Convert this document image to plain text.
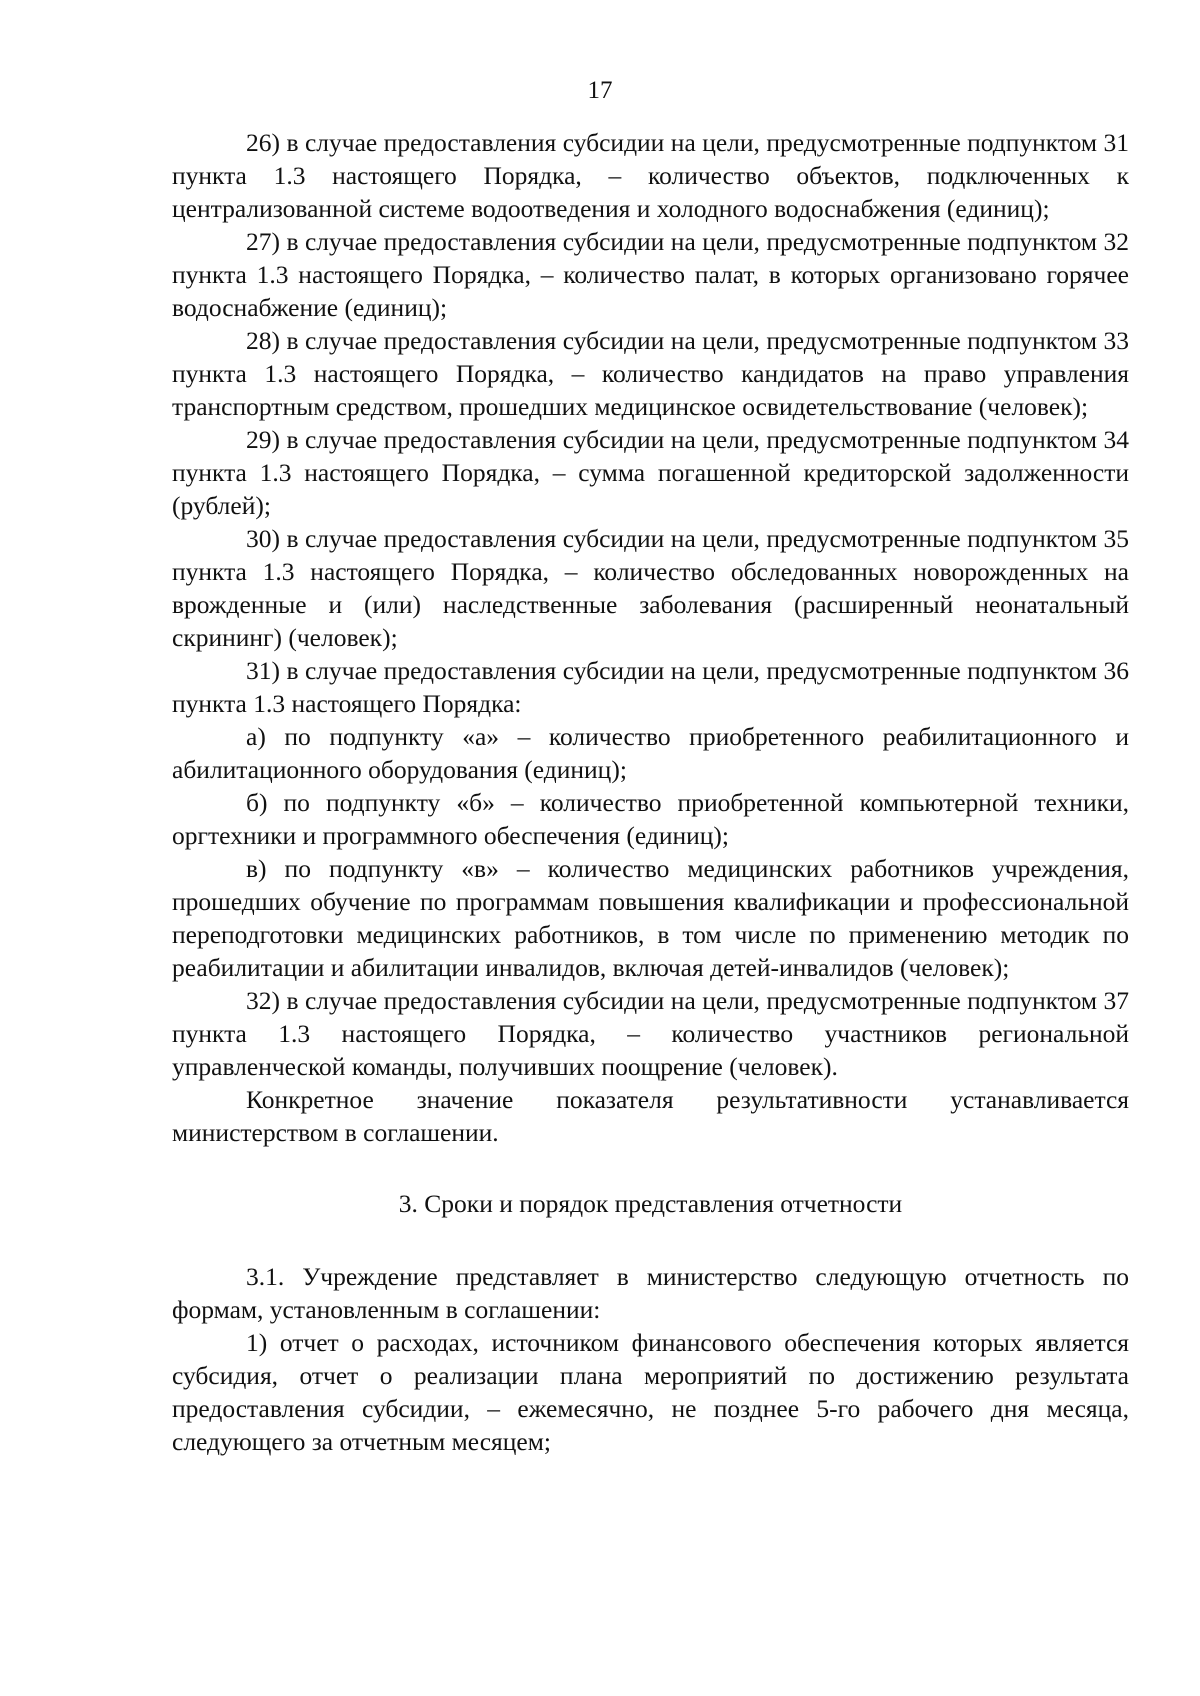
17

26) в случае предоставления субсидии на цели, предусмотренные подпунктом 31 пункта 1.3 настоящего Порядка, – количество объектов, подключенных к централизованной системе водоотведения и холодного водоснабжения (единиц);

27) в случае предоставления субсидии на цели, предусмотренные подпунктом 32 пункта 1.3 настоящего Порядка, – количество палат, в которых организовано горячее водоснабжение (единиц);

28) в случае предоставления субсидии на цели, предусмотренные подпунктом 33 пункта 1.3 настоящего Порядка, – количество кандидатов на право управления транспортным средством, прошедших медицинское освидетельствование (человек);

29) в случае предоставления субсидии на цели, предусмотренные подпунктом 34 пункта 1.3 настоящего Порядка, – сумма погашенной кредиторской задолженности (рублей);

30) в случае предоставления субсидии на цели, предусмотренные подпунктом 35 пункта 1.3 настоящего Порядка, – количество обследованных новорожденных на врожденные и (или) наследственные заболевания (расширенный неонатальный скрининг) (человек);

31) в случае предоставления субсидии на цели, предусмотренные подпунктом 36 пункта 1.3 настоящего Порядка:

а) по подпункту «а» – количество приобретенного реабилитационного и абилитационного оборудования (единиц);

б) по подпункту «б» – количество приобретенной компьютерной техники, оргтехники и программного обеспечения (единиц);

в) по подпункту «в» – количество медицинских работников учреждения, прошедших обучение по программам повышения квалификации и профессиональной переподготовки медицинских работников, в том числе по применению методик по реабилитации и абилитации инвалидов, включая детей-инвалидов (человек);

32) в случае предоставления субсидии на цели, предусмотренные подпунктом 37 пункта 1.3 настоящего Порядка, – количество участников региональной управленческой команды, получивших поощрение (человек).

Конкретное значение показателя результативности устанавливается министерством в соглашении.

3. Сроки и порядок представления отчетности

3.1. Учреждение представляет в министерство следующую отчетность по формам, установленным в соглашении:

1) отчет о расходах, источником финансового обеспечения которых является субсидия, отчет о реализации плана мероприятий по достижению результата предоставления субсидии, – ежемесячно, не позднее 5-го рабочего дня месяца, следующего за отчетным месяцем;
